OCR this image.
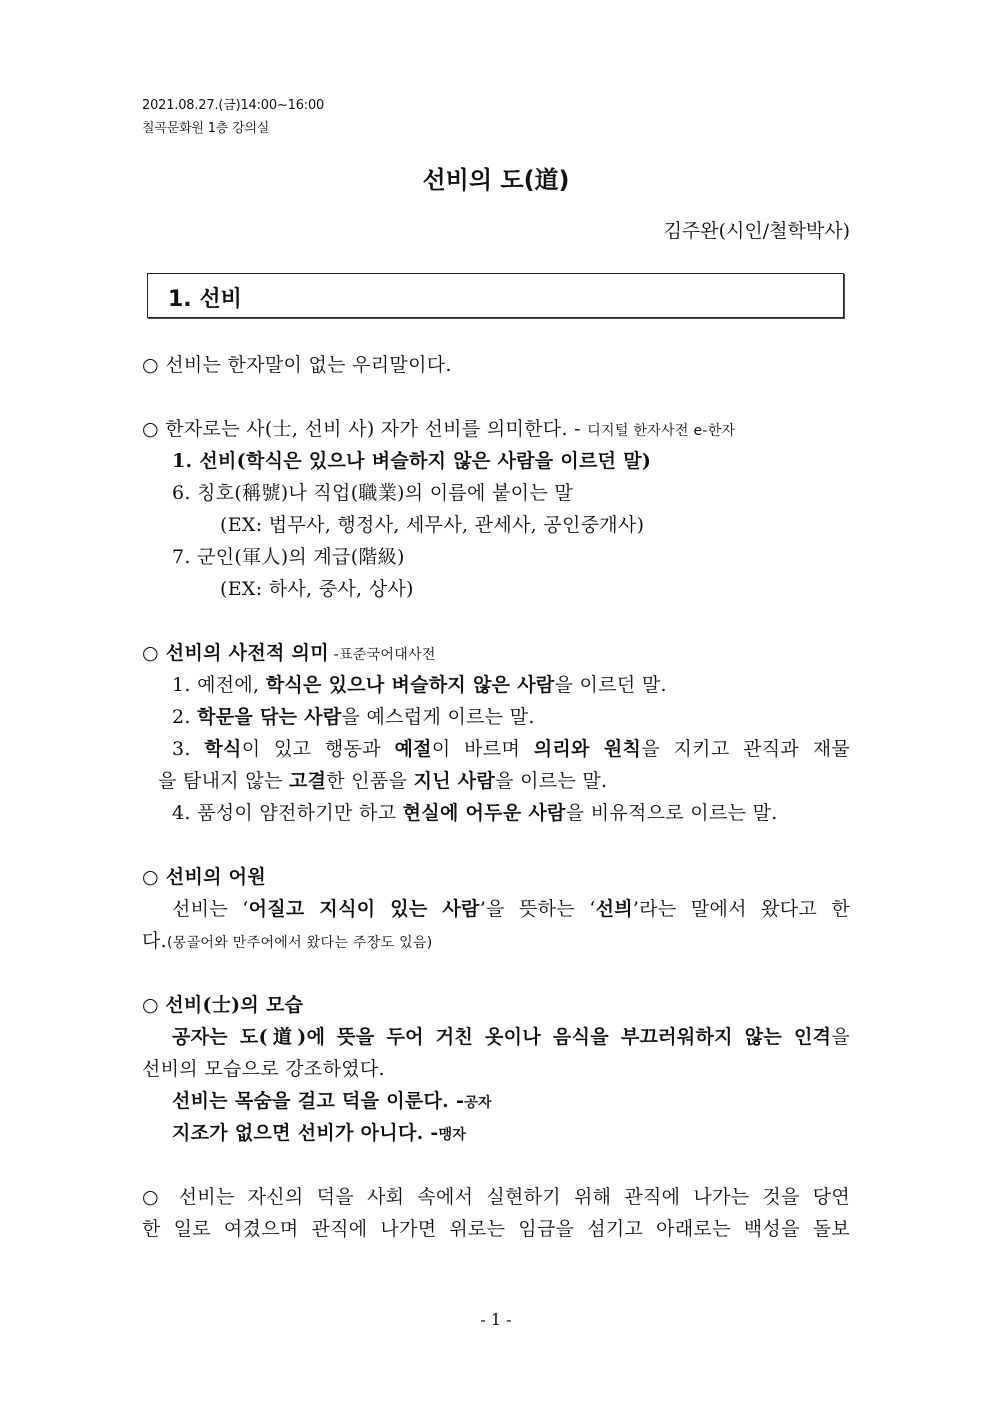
2021.08.27.(금)14:00~16:00
칠곡문화원 1층 강의실
선비의 도(道)
김주완(시인/철학박사)
1. 선비
○ 선비는 한자말이 없는 우리말이다.
○ 한자로는 사(士, 선비 사) 자가 선비를 의미한다. - 디지털 한자사전 e-한자
1. 선비(학식은 있으나 벼슬하지 않은 사람을 이르던 말)
6. 칭호(稱號)나 직업(職業)의 이름에 붙이는 말
(EX: 법무사, 행정사, 세무사, 관세사, 공인중개사)
7. 군인(軍人)의 계급(階級)
(EX: 하사, 중사, 상사)
○ 선비의 사전적 의미 -표준국어대사전
1. 예전에, 학식은 있으나 벼슬하지 않은 사람을 이르던 말.
2. 학문을 닦는 사람을 예스럽게 이르는 말.
3. 학식이 있고 행동과 예절이 바르며 의리와 원칙을 지키고 관직과 재물
을 탐내지 않는 고결한 인품을 지닌 사람을 이르는 말.
4. 품성이 얌전하기만 하고 현실에 어두운 사람을 비유적으로 이르는 말.
○ 선비의 어원
선비는 ‘어질고 지식이 있는 사람’을 뜻하는 ‘선븨’라는 말에서 왔다고 한
다.(몽골어와 만주어에서 왔다는 주장도 있음)
○ 선비(士)의 모습
공자는 도(道)에 뜻을 두어 거친 옷이나 음식을 부끄러워하지 않는 인격을
선비의 모습으로 강조하였다.
선비는 목숨을 걸고 덕을 이룬다. -공자
지조가 없으면 선비가 아니다. -맹자
○ 선비는 자신의 덕을 사회 속에서 실현하기 위해 관직에 나가는 것을 당연
한 일로 여겼으며 관직에 나가면 위로는 임금을 섬기고 아래로는 백성을 돌보
- 1 -
